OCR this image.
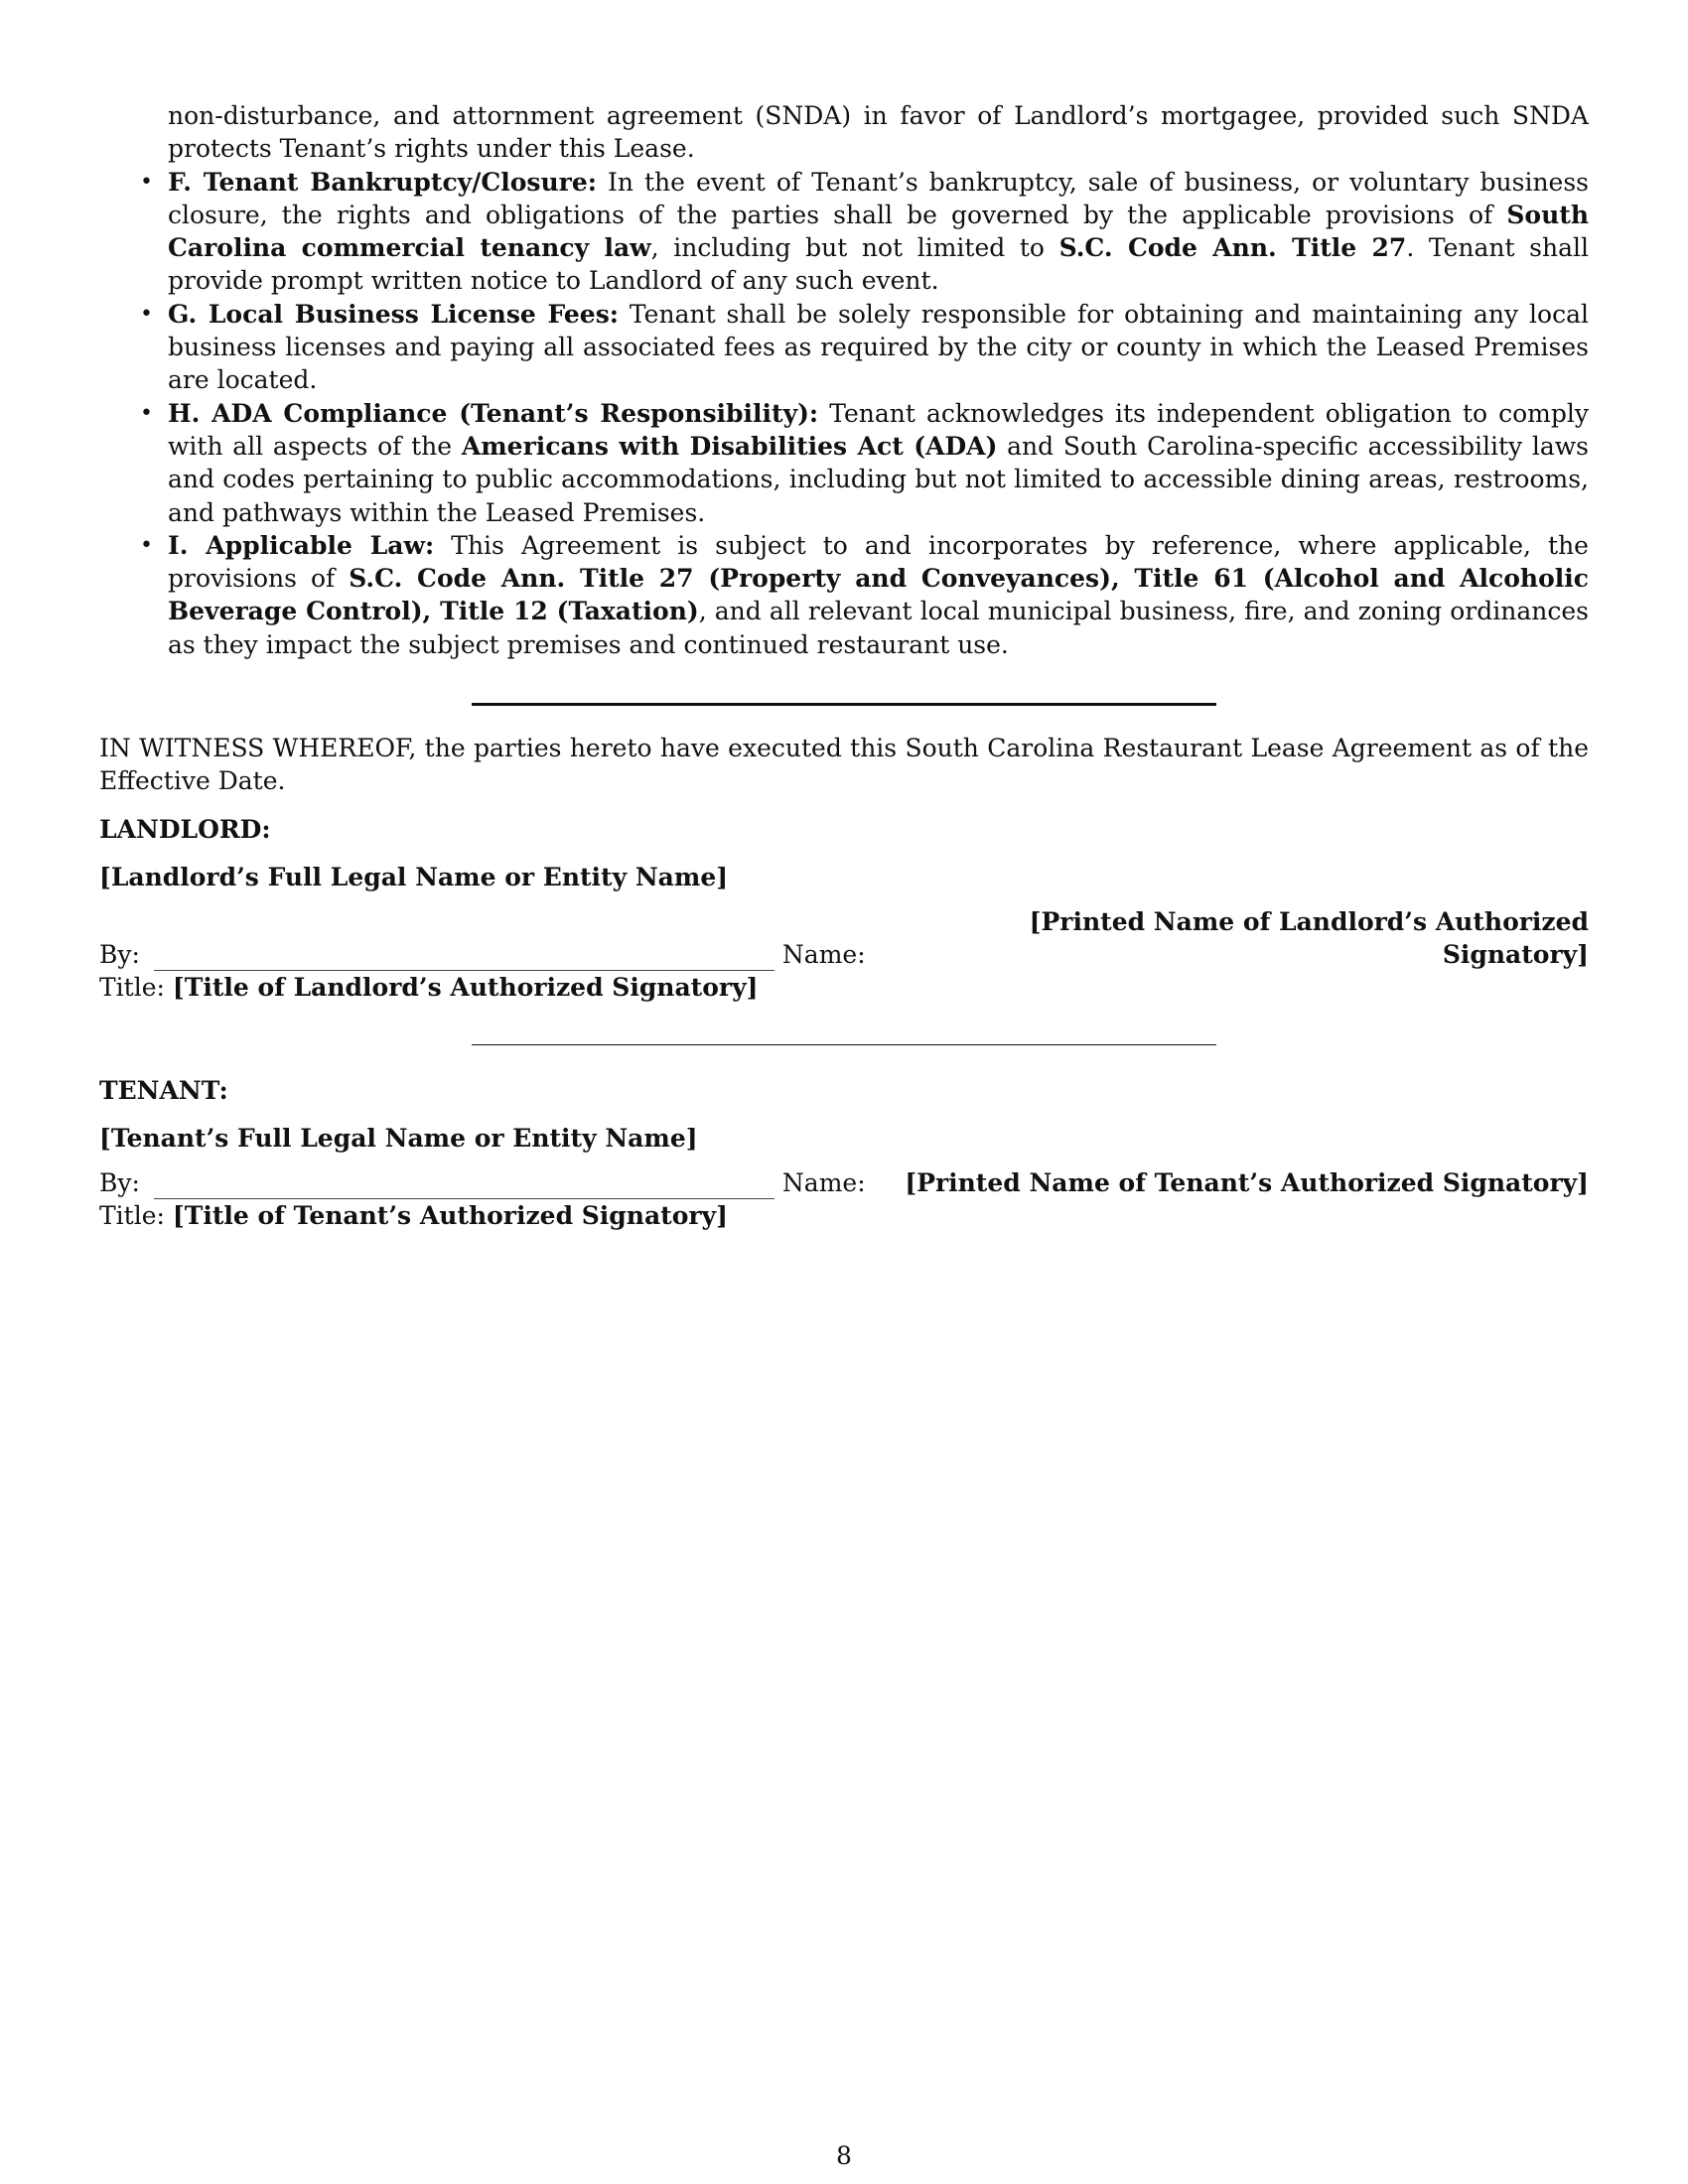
non-disturbance, and attornment agreement (SNDA) in favor of Landlord’s mortgagee, provided such SNDA protects Tenant’s rights under this Lease.
• F. Tenant Bankruptcy/Closure: In the event of Tenant’s bankruptcy, sale of business, or voluntary business closure, the rights and obligations of the parties shall be governed by the applicable provisions of South Carolina commercial tenancy law, including but not limited to S.C. Code Ann. Title 27. Tenant shall provide prompt written notice to Landlord of any such event.
• G. Local Business License Fees: Tenant shall be solely responsible for obtaining and maintaining any local business licenses and paying all associated fees as required by the city or county in which the Leased Premises are located.
• H. ADA Compliance (Tenant’s Responsibility): Tenant acknowledges its independent obligation to comply with all aspects of the Americans with Disabilities Act (ADA) and South Carolina-specific accessibility laws and codes pertaining to public accommodations, including but not limited to accessible dining areas, restrooms, and pathways within the Leased Premises.
• I. Applicable Law: This Agreement is subject to and incorporates by reference, where applicable, the provisions of S.C. Code Ann. Title 27 (Property and Conveyances), Title 61 (Alcohol and Alcoholic Beverage Control), Title 12 (Taxation), and all relevant local municipal business, fire, and zoning ordinances as they impact the subject premises and continued restaurant use.
IN WITNESS WHEREOF, the parties hereto have executed this South Carolina Restaurant Lease Agreement as of the Effective Date.
LANDLORD:
[Landlord’s Full Legal Name or Entity Name]
By:	Name:
[Printed Name of Landlord’s Authorized Signatory]
Title: [Title of Landlord’s Authorized Signatory]
TENANT:
[Tenant’s Full Legal Name or Entity Name]
By:	Name:	[Printed Name of Tenant’s Authorized Signatory]
Title: [Title of Tenant’s Authorized Signatory]
8
